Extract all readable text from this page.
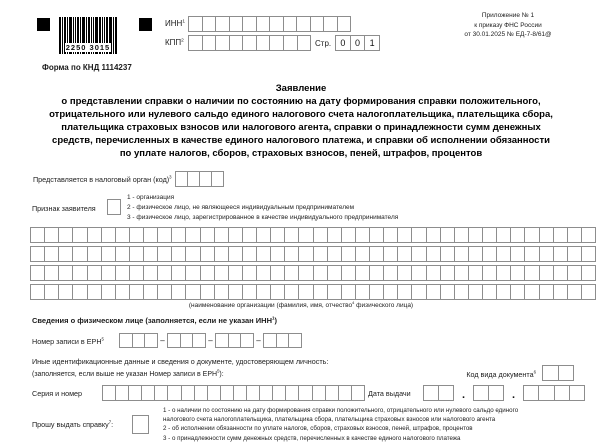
2250 3015
ИНН$^1$
КПП$^2$	Стр.	0	0	1
Приложение № 1
к приказу ФНС России
от 30.01.2025 № ЕД-7-8/61@
Форма по КНД 1114237
Заявление
о представлении справки о наличии по состоянию на дату формирования справки положительного,
отрицательного или нулевого сальдо единого налогового счета налогоплательщика, плательщика сбора,
плательщика страховых взносов или налогового агента, справки о принадлежности сумм денежных
средств, перечисленных в качестве единого налогового платежа, и справки об исполнении обязанности
по уплате налогов, сборов, страховых взносов, пеней, штрафов, процентов
Представляется в налоговый орган (код)$^3$
Признак заявителя
1 - организация
2 - физическое лицо, не являющееся индивидуальным предпринимателем
3 - физическое лицо, зарегистрированное в качестве индивидуального предпринимателя
(наименование организации (фамилия, имя, отчество$^4$ физического лица)
Сведения о физическом лице (заполняется, если не указан ИНН$^1$)
Номер записи в ЕРН$^5$	–	–	–
Иные идентификационные данные и сведения о документе, удостоверяющем личность:
(заполняется, если выше не указан Номер записи в ЕРН$^5$):	Код вида документа$^6$
Серия и номер	Дата выдачи	.	.
Прошу выдать справку$^7$:
1 - о наличии по состоянию на дату формирования справки положительного, отрицательного или нулевого сальдо единого
налогового счета налогоплательщика, плательщика сбора, плательщика страховых взносов или налогового агента
2 - об исполнении обязанности по уплате налогов, сборов, страховых взносов, пеней, штрафов, процентов
3 - о принадлежности сумм денежных средств, перечисленных в качестве единого налогового платежа
